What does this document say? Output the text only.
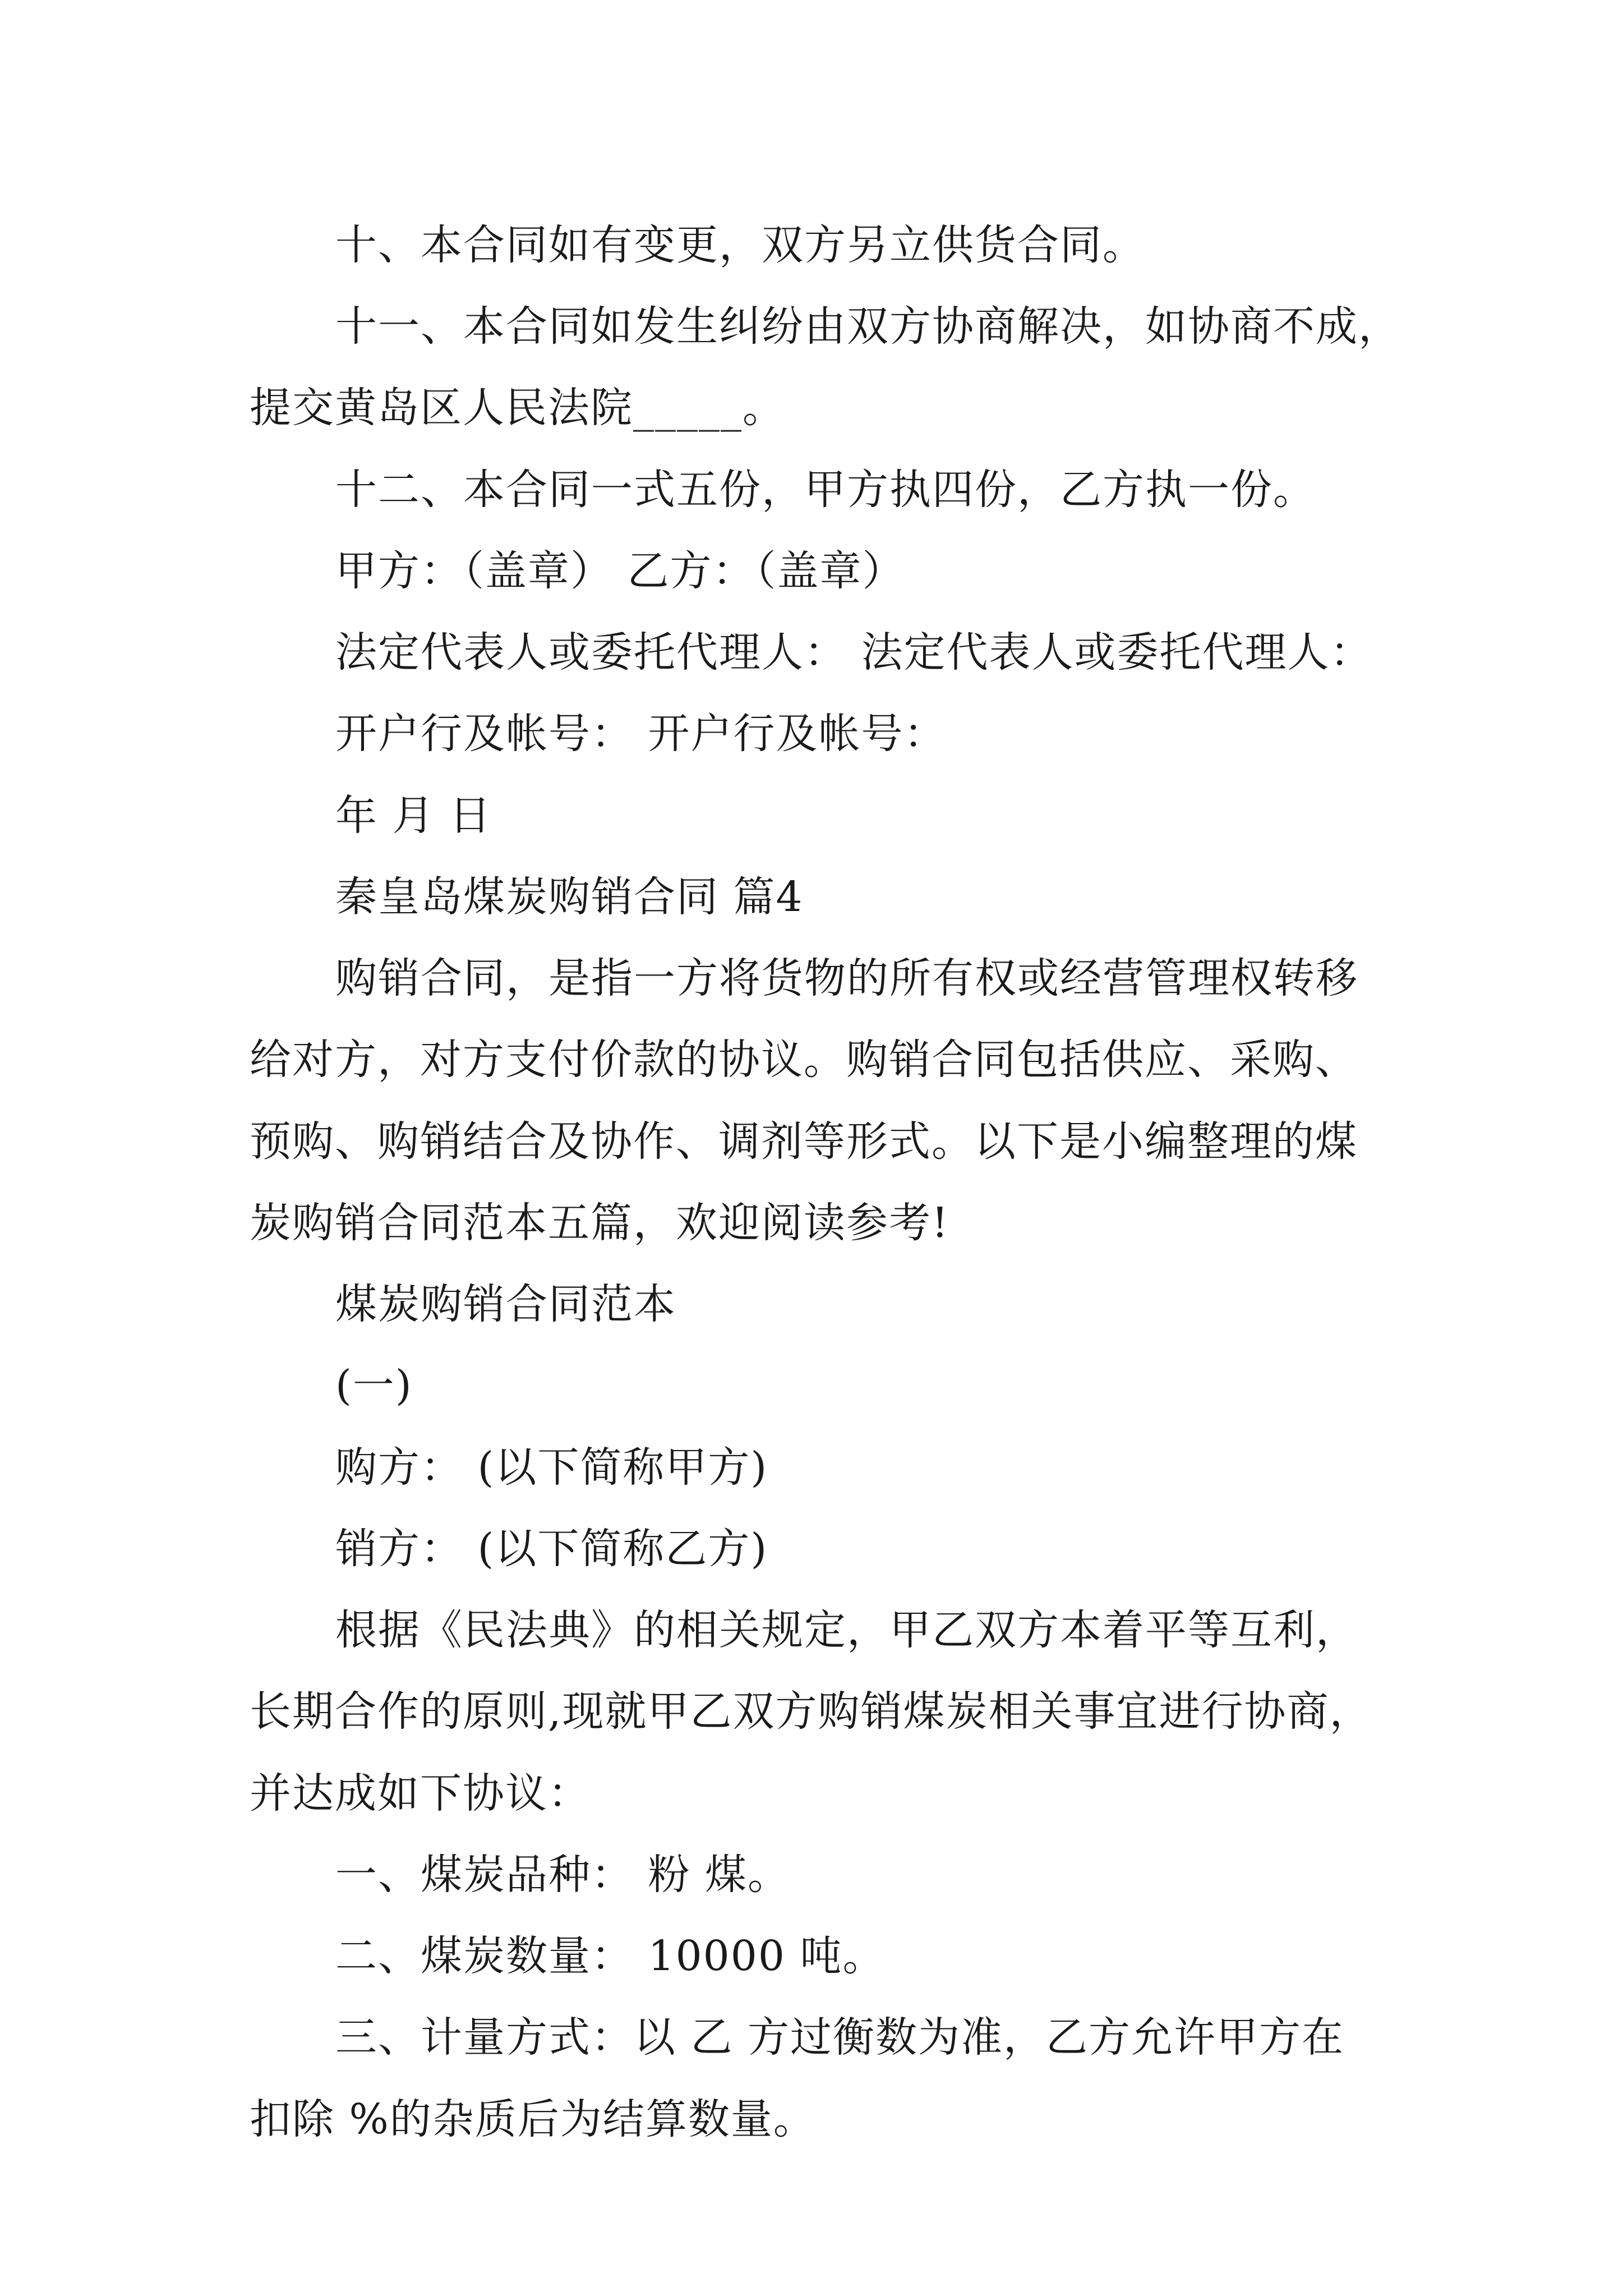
十、本合同如有变更，双方另立供货合同。
十一、本合同如发生纠纷由双方协商解决，如协商不成，
提交黄岛区人民法院_____。
十二、本合同一式五份，甲方执四份，乙方执一份。
甲方：（盖章） 乙方：（盖章）
法定代表人或委托代理人： 法定代表人或委托代理人：
开户行及帐号： 开户行及帐号：
年 月 日
秦皇岛煤炭购销合同 篇4
购销合同，是指一方将货物的所有权或经营管理权转移
给对方，对方支付价款的协议。购销合同包括供应、采购、
预购、购销结合及协作、调剂等形式。以下是小编整理的煤
炭购销合同范本五篇，欢迎阅读参考!
煤炭购销合同范本
(一)
购方： (以下简称甲方)
销方： (以下简称乙方)
根据《民法典》的相关规定，甲乙双方本着平等互利，
长期合作的原则,现就甲乙双方购销煤炭相关事宜进行协商，
并达成如下协议：
一、煤炭品种： 粉 煤。
二、煤炭数量： 10000 吨。
三、计量方式：以 乙 方过衡数为准，乙方允许甲方在
扣除 %的杂质后为结算数量。
